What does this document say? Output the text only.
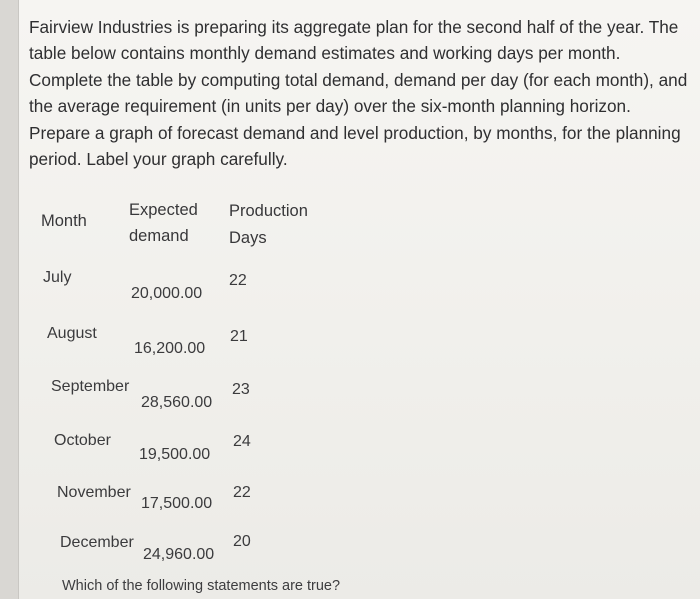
Fairview Industries is preparing its aggregate plan for the second half of the year. The table below contains monthly demand estimates and working days per month. Complete the table by computing total demand, demand per day (for each month), and the average requirement (in units per day) over the six-month planning horizon. Prepare a graph of forecast demand and level production, by months, for the planning period. Label your graph carefully.
Month
Expected
demand
Production
Days
July
20,000.00
22
August
16,200.00
21
September
28,560.00
23
October
19,500.00
24
November
17,500.00
22
December
24,960.00
20
Which of the following statements are true?
